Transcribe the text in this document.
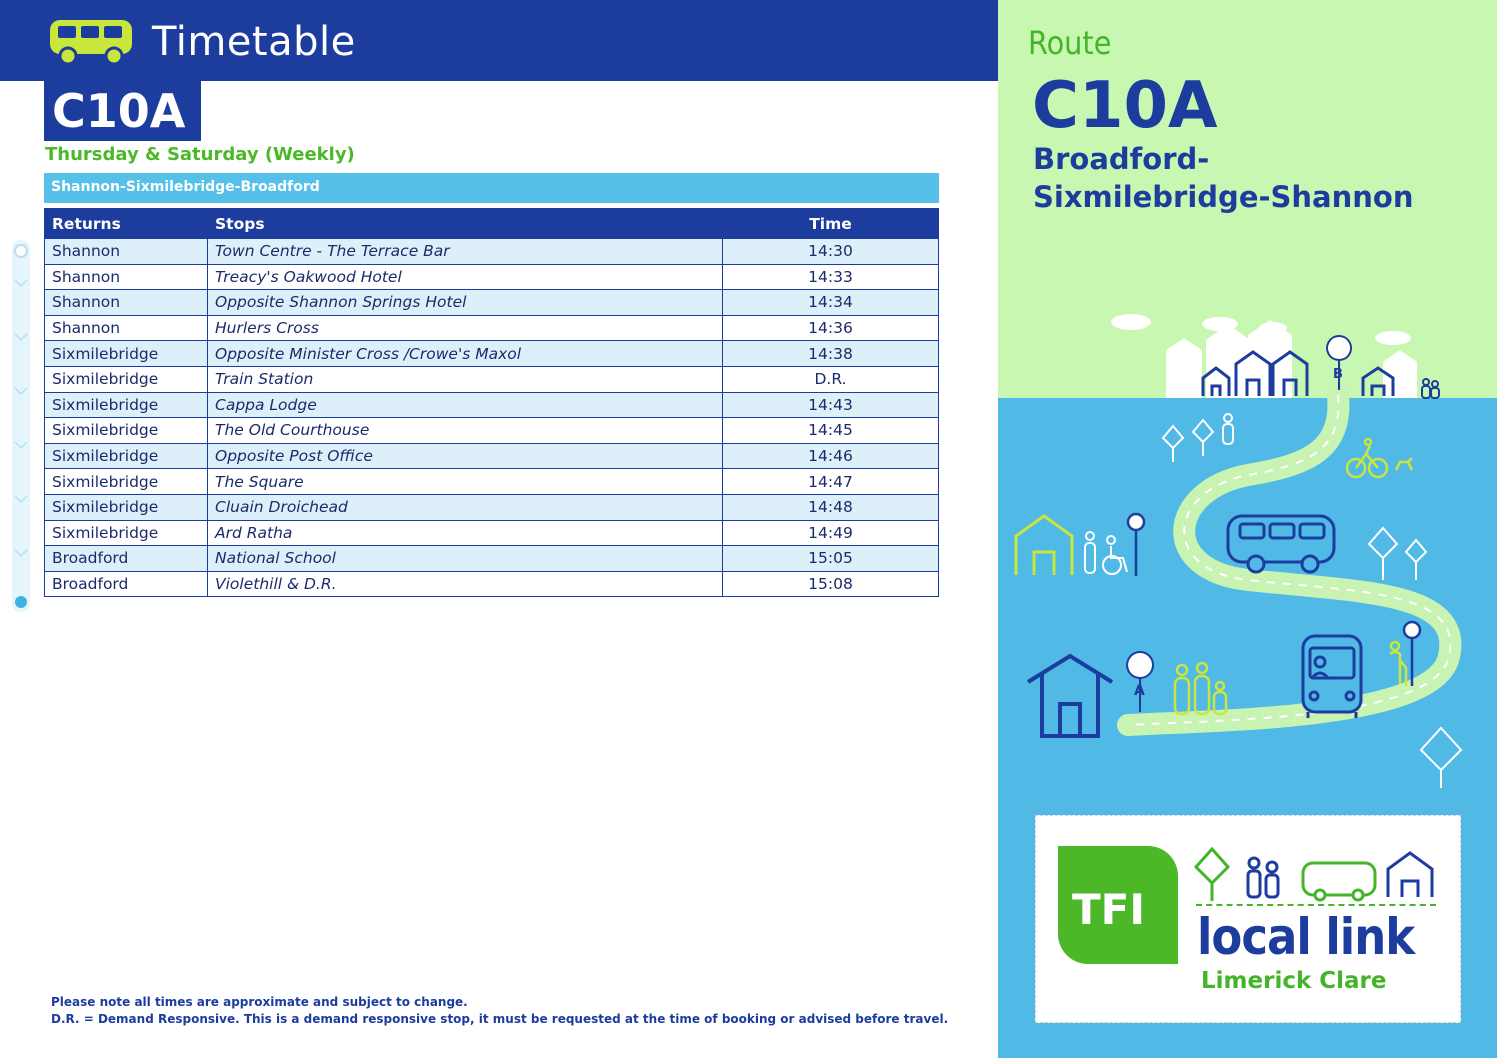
Timetable
C10A
Thursday & Saturday (Weekly)
Shannon-Sixmilebridge-Broadford
Returns	Stops	Time
Shannon	Town Centre - The Terrace Bar	14:30
Shannon	Treacy's Oakwood Hotel	14:33
Shannon	Opposite Shannon Springs Hotel	14:34
Shannon	Hurlers Cross	14:36
Sixmilebridge	Opposite Minister Cross /Crowe's Maxol	14:38
Sixmilebridge	Train Station	D.R.
Sixmilebridge	Cappa Lodge	14:43
Sixmilebridge	The Old Courthouse	14:45
Sixmilebridge	Opposite Post Office	14:46
Sixmilebridge	The Square	14:47
Sixmilebridge	Cluain Droichead	14:48
Sixmilebridge	Ard Ratha	14:49
Broadford	National School	15:05
Broadford	Violethill & D.R.	15:08
Please note all times are approximate and subject to change.
D.R. = Demand Responsive. This is a demand responsive stop, it must be requested at the time of booking or advised before travel.
Route
C10A
Broadford-
Sixmilebridge-Shannon
B
A
TFI local link
Limerick Clare
